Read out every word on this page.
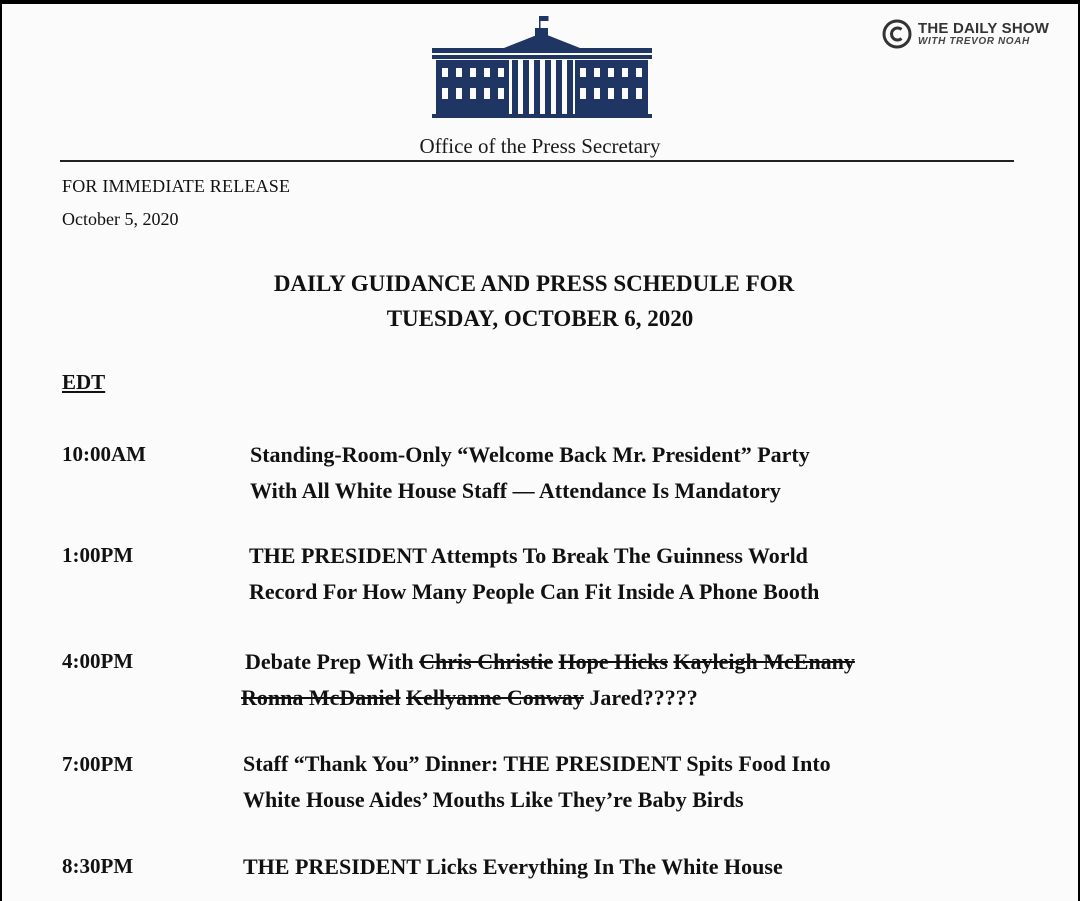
THE DAILY SHOW
WITH TREVOR NOAH
Office of the Press Secretary
FOR IMMEDIATE RELEASE
October 5, 2020
DAILY GUIDANCE AND PRESS SCHEDULE FOR
TUESDAY, OCTOBER 6, 2020
EDT
10:00AM	Standing-Room-Only “Welcome Back Mr. President” Party
With All White House Staff — Attendance Is Mandatory
1:00PM	THE PRESIDENT Attempts To Break The Guinness World
Record For How Many People Can Fit Inside A Phone Booth
4:00PM	Debate Prep With Chris Christie Hope Hicks Kayleigh McEnany
Ronna McDaniel Kellyanne Conway Jared?????
7:00PM	Staff “Thank You” Dinner: THE PRESIDENT Spits Food Into
White House Aides’ Mouths Like They’re Baby Birds
8:30PM	THE PRESIDENT Licks Everything In The White House
